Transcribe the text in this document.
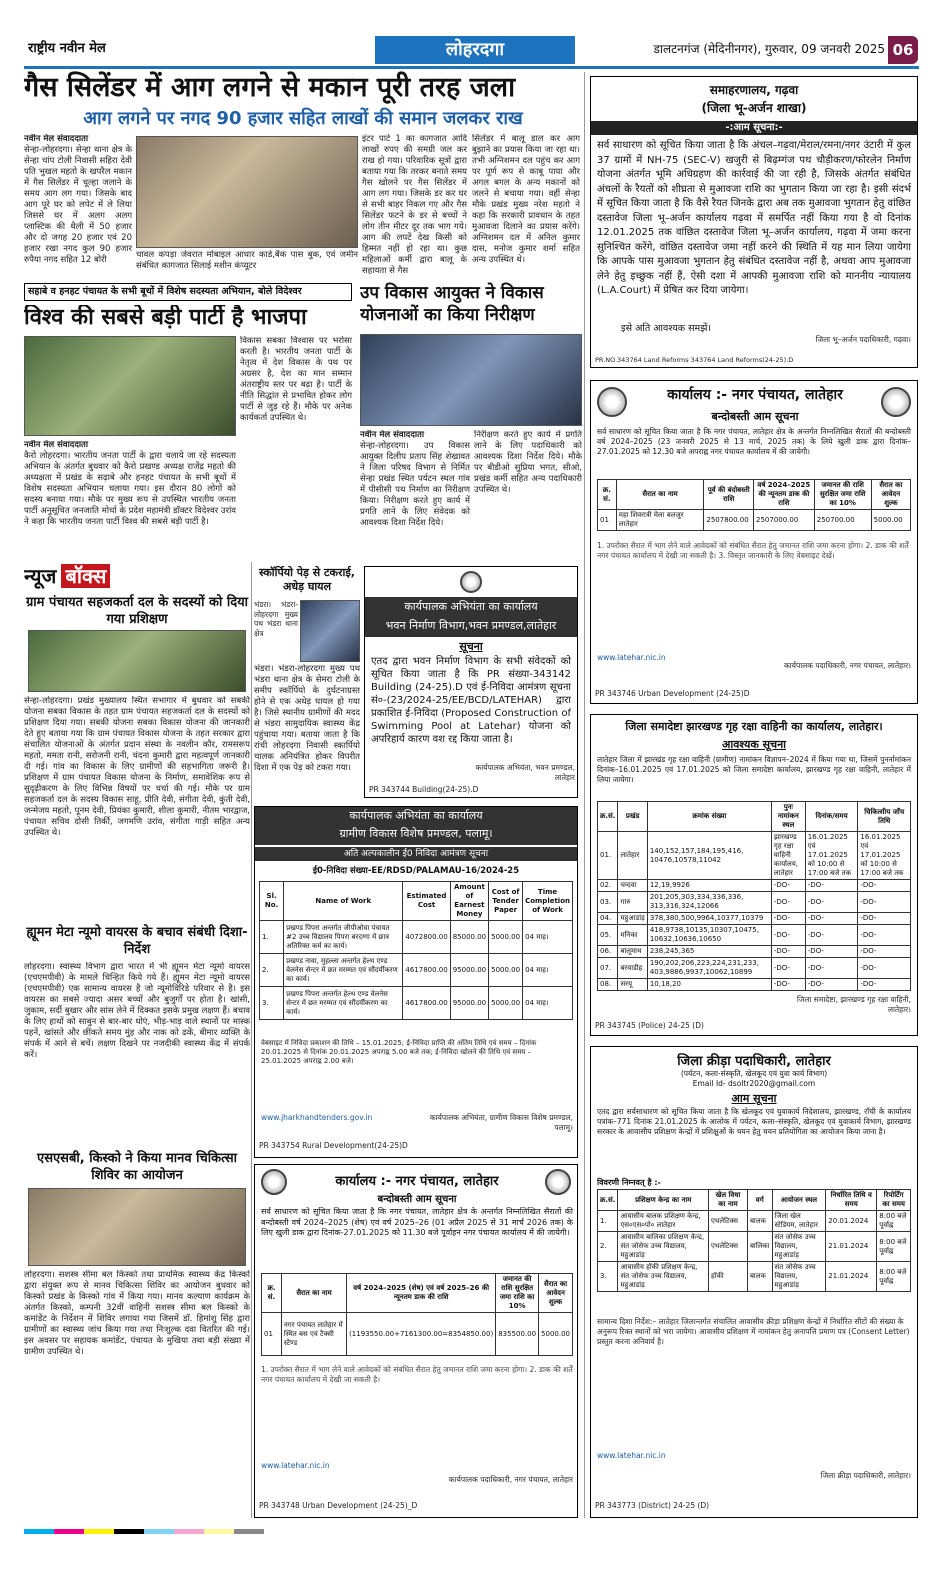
राष्ट्रीय नवीन मेल	लोहरदगा	डालटनगंज (मेदिनीनगर), गुरुवार, 09 जनवरी 2025 06
गैस सिलेंडर में आग लगने से मकान पूरी तरह जला
आग लगने पर नगद 90 हजार सहित लाखों की समान जलकर राख
नवीन मेल संवाददाता
सेन्हा-लोहरदगा। सेन्हा थाना क्षेत्र के सेन्हा चांप टोली निवासी सहिरा देवी पति भुखल महतो के खपरैल मकान में गैस सिलेंडर में चूल्हा जलाने के समय आग लग गया। जिसके बाद आग पूरे घर को लपेट में ले लिया जिससे घर में अलग अलग प्लास्टिक की थैली में 50 हजार और दो जगह 20 हजार एवं 20 हजार रखा नगद कुल 90 हजार रुपैया नगद सहित 12 बोरी	चावल कपड़ा जेवरात मोबाइल आधार कार्ड,बैंक पास बुक, एवं जमीन संबंधित कागजात सिलाई मशीन कंप्यूटर
इंटर पार्ट 1 का कागजात आदि लाखों रुपए की समग्री जल कर राख हो गया। परिवारिक सूत्रों द्वारा बताया गया कि तरकर बनाते समय गैस खोलने पर गैस सिलेंडर में आग लग गया। जिसके डर कर घर से सभी बाहर निकल गए और गैस सिलेंडर फटने के डर से बच्चों ने लोग तीन मीटर दूर तक भाग गये। आग की लपटें देख किसी को हिम्मत नहीं हो रहा था। कुछ महिलाओं कर्मी द्वारा बालू के सहायता से गैस
सिलेंडर में बालू डाल कर आग बुझाने का प्रयास किया जा रहा था। तभी अग्निशमन दल पहुंच कर आग पर पूर्ण रूप से काबू पाया और अगल बगल के अन्य मकानों को जलने से बचाया गया। वहीं सेन्हा मौके प्रखंड मुख्य नरेश महतो ने कहा कि सरकारी प्रावधान के तहत मुआवजा दिलाने का प्रयास करेंगे। अग्निशमन दल में अनिल कुमार दास, मनोज कुमार शर्मा सहित अन्य उपस्थित थे।
सहाबे व हनहट पंचायत के सभी बूथों में विशेष सदस्यता अभियान, बोले विदेश्वर
विश्व की सबसे बड़ी पार्टी है भाजपा
नवीन मेल संवाददाता
कैरो लोहरदगा। भारतीय जनता पार्टी के द्वारा चलाये जा रहे सदस्यता अभियान के अंतर्गत बुधवार को कैरो प्रखण्ड अध्यक्ष राजेंद्र महतो की अध्यक्षता में प्रखंड के सढ़ाबे और हनहट पंचायत के सभी बूथों में विशेष सदस्यता अभियान चलाया गया। इस दौरान 80 लोगों को सदस्य बनाया गया। मौके पर मुख्य रूप से उपस्थित भारतीय जनता पार्टी अनुसूचित जनजाति मोर्चा के प्रदेश महामंत्री डॉक्टर विदेश्वर उरांव ने कहा कि भारतीय जनता पार्टी विश्व की सबसे बड़ी पार्टी है।
विकास सबका विश्वास पर भरोसा करती है। भारतीय जनता पार्टी के नेतृत्व में देश विकास के पथ पर अग्रसर है, देश का मान सम्मान अंतराष्ट्रीय स्तर पर बढ़ा है। पार्टी के नीति सिद्धांत से प्रभावित होकर लोग पार्टी से जुड़ रहे हैं। मौके पर अनेक कार्यकर्ता उपस्थित थे।
उप विकास आयुक्त ने विकास योजनाओं का किया निरीक्षण
नवीन मेल संवाददाता
सेन्हा-लोहरदगा। उप विकास आयुक्त दिलीप प्रताप सिंह शेखावत ने जिला परिषद विभाग से निर्मित सेन्हा प्रखंड स्थित पर्यटन स्थल गांव में पीसीसी पथ निर्माण का निरीक्षण किया। निरीक्षण करते हुए कार्य में प्रगति लाने के लिए संवेदक को आवश्यक दिशा निर्देश दिये।
निरीक्षण करते हुए कार्य में प्रगति लाने के लिए पदाधिकारी को आवश्यक दिशा निर्देश दिये। मौके पर बीडीओ सुप्रिया भगत, सीओ, प्रखंड कर्मी सहित अन्य पदाधिकारी उपस्थित थे।
न्यूज बॉक्स
ग्राम पंचायत सहजकर्ता दल के सदस्यों को दिया गया प्रशिक्षण
सेन्हा-लोहरदगा। प्रखंड मुख्यालय स्थित सभागार में बुधवार को सबकी योजना सबका विकास के तहत ग्राम पंचायत सहजकर्ता दल के सदस्यों को प्रशिक्षण दिया गया। सबकी योजना सबका विकास योजना की जानकारी देते हुए बताया गया कि ग्राम पंचायत विकास योजना के तहत सरकार द्वारा संचालित योजनाओं के अंतर्गत प्रदान संस्था के नवलीन कौर, रामसरूप महतो, ममता रानी, सरोजनी रानी, चंदना कुमारी द्वारा महत्वपूर्ण जानकारी दी गई। गांव का विकास के लिए ग्रामीणों की सहभागिता जरूरी है। प्रशिक्षण में ग्राम पंचायत विकास योजना के निर्माण, समावेशिक रूप से सुदृढ़ीकरण के लिए विभिन्न विषयों पर चर्चा की गई। मौके पर ग्राम सहजकर्ता दल के सदस्य विकास साहू, प्रीति देवी, संगीता देवी, कुंती देवी, जन्मेजय महतो, पूनम देवी, प्रियंका कुमारी, शीला कुमारी, नीतम भारद्वाज, पंचायत सचिव दोसी तिर्की, जगमणि उरांव, संगीता गाड़ी सहित अन्य उपस्थित थे।
ह्यूमन मेटा न्यूमो वायरस के बचाव संबंधी दिशा-निर्देश
लोहरदगा। स्वास्थ्य विभाग द्वारा भारत में भी ह्यूमन मेटा न्यूमो वायरस (एचएमपीवी) के मामले चिन्हित किये गये हैं। ह्यूमन मेटा न्यूमो वायरस (एचएमपीवी) एक सामान्य वायरस है जो न्यूमोविरिडे परिवार से है। इस वायरस का सबसे ज्यादा असर बच्चों और बुजुर्गों पर होता है। खांसी, जुकाम, सर्दी बुखार और सांस लेने में दिक्कत इसके प्रमुख लक्षण हैं। बचाव के लिए हाथों को साबुन से बार-बार धोएं, भीड़-भाड़ वाले स्थानों पर मास्क पहनें, खांसते और छींकते समय मुंह और नाक को ढकें, बीमार व्यक्ति के संपर्क में आने से बचें। लक्षण दिखने पर नजदीकी स्वास्थ्य केंद्र में संपर्क करें।
एसएसबी, किस्को ने किया मानव चिकित्सा शिविर का आयोजन
लोहरदगा। सशस्त्र सीमा बल किस्को तथा प्राथमिक स्वास्थ्य केंद्र किस्को द्वारा संयुक्त रूप से मानव चिकित्सा शिविर का आयोजन बुधवार को किस्को प्रखंड के किस्को गांव में किया गया। मानव कल्याण कार्यक्रम के अंतर्गत किस्को, कम्पनी 32वीं वाहिनी सशस्त्र सीमा बल किस्को के कमांडेंट के निर्देशन में शिविर लगाया गया जिसमें डॉ. हिमांशु सिंह द्वारा ग्रामीणों का स्वास्थ्य जांच किया गया तथा निःशुल्क दवा वितरित की गई। इस अवसर पर सहायक कमांडेंट, पंचायत के मुखिया तथा बड़ी संख्या में ग्रामीण उपस्थित थे।
स्कॉर्पियो पेड़ से टकराई, अधेड़ घायल
भंडरा। भंडरा-लोहरदगा मुख्य पथ भंडरा थाना क्षेत्र
भंडरा। भंडरा-लोहरदगा मुख्य पथ भंडरा थाना क्षेत्र के सेमरा टोली के समीप स्कॉर्पियो के दुर्घटनाग्रस्त होने से एक अधेड़ घायल हो गया है। जिसे स्थानीय ग्रामीणों की मदद से भंडरा सामुदायिक स्वास्थ्य केंद्र पहुंचाया गया। बताया जाता है कि रांची लोहरदगा निवासी स्कार्पियो चालक अनियंत्रित होकर विपरीत दिशा में एक पेड़ को टकरा गया।
कार्यपालक अभियंता का कार्यालय
भवन निर्माण विभाग,भवन प्रमण्डल,लातेहार
सूचना
एतद द्वारा भवन निर्माण विभाग के सभी संवेदकों को सूचित किया जाता है कि PR संख्या-343142 Building (24-25).D एवं ई-निविदा आमंत्रण सूचना सं०-(23/2024-25/EE/BCD/LATEHAR) द्वारा प्रकाशित ई-निविदा (Proposed Construction of Swimming Pool at Latehar) योजना को अपरिहार्य कारण वश रद्द किया जाता है।
कार्यपालक अभियंता, भवन प्रमण्डल, लातेहार
PR 343744 Building(24-25).D
कार्यपालक अभियंता का कार्यालय
ग्रामीण विकास विशेष प्रमण्डल, पलामू।
अति अल्पकालीन ई0 निविदा आमंत्रण सूचना
ई0-निविदा संख्या-EE/RDSD/PALAMAU-16/2024-25
Sl. No.	Name of Work	Estimated Cost	Amount of Earnest Money	Cost of Tender Paper	Time Completion of Work
1.	प्रखण्ड पिपरा अन्तर्गत जीपीओवा पंचायत #2 उच्च विद्यालय पिपरा बरदग्गा में छात्र अतिरिक्त कर्म का कार्य।	4072800.00	85000.00	5000.00	04 माह।
2.	प्रखण्ड नावा, मुहल्ला अन्तर्गत हेल्थ एण्ड वेलनेस सेन्टर में छत मरम्मत एवं सौंदर्यीकरण का कार्य।	4617800.00	95000.00	5000.00	04 माह।
3.	प्रखण्ड पिपरा अन्तर्गत हेल्थ एण्ड वेलनेस सेन्टर में छत मरम्मत एवं सौंदर्यीकरण का कार्य।	4617800.00	95000.00	5000.00	04 माह।
वेबसाइट में निविदा प्रकाशन की तिथि – 15.01.2025; ई-निविदा प्राप्ति की अंतिम तिथि एवं समय – दिनांक 20.01.2025 से दिनांक 20.01.2025 अपराह्न 5.00 बजे तक; ई-निविदा खोलने की तिथि एवं समय – 25.01.2025 अपराह्न 2.00 बजे।
www.jharkhandtenders.gov.in	कार्यपालक अभियंता, ग्रामीण विकास विशेष प्रमण्डल, पलामू।
PR 343754 Rural Development(24-25)D
कार्यालय :- नगर पंचायत, लातेहार
बन्दोबस्ती आम सूचना
सर्व साधारण को सूचित किया जाता है कि नगर पंचायत, लातेहार क्षेत्र के अन्तर्गत निम्नलिखित सैरातों की बन्दोबस्ती वर्ष 2024–2025 (शेष) एवं वर्ष 2025–26 (01 अप्रैल 2025 से 31 मार्च 2026 तक) के लिए खुली डाक द्वारा दिनांक-27.01.2025 को 11.30 बजे पूर्वाहन नगर पंचायत कार्यालय में की जायेगी।
क्र. सं.	सैरात का नाम	वर्ष 2024–2025 (शेष) एवं वर्ष 2025–26 की न्यूनतम डाक की राशि	जमानत की राशि सुरक्षित जमा राशि का 10%	सैरात का आवेदन शुल्क
01	नगर पंचायत लातेहार में स्थित बस एवं टैक्सी स्टैण्ड	(1193550.00+7161300.00=8354850.00)	835500.00	5000.00
1. उपरोक्त सैरात में भाग लेने वाले आवेदकों को संबंधित सैरात हेतु जमानत राशि जमा करना होगा। 2. डाक की शर्तें नगर पंचायत कार्यालय में देखी जा सकती है।
www.latehar.nic.in
कार्यपालक पदाधिकारी, नगर पंचायत, लातेहार
PR 343748 Urban Development (24-25)_D
समाहरणालय, गढ़वा
(जिला भू-अर्जन शाखा)
-:आम सूचना:-
सर्व साधारण को सूचित किया जाता है कि अंचल–गढ़वा/मेराल/रमना/नगर उंटारी में कुल 37 ग्रामों में NH-75 (SEC-V) खजुरी से बिढ़म्गंज पथ चौड़ीकरण/फोरलेन निर्माण योजना अंतर्गत भूमि अधिग्रहण की कार्रवाई की जा रही है, जिसके अंतर्गत संबंधित अंचलों के रैयतों को शीघ्रता से मुआवजा राशि का भुगतान किया जा रहा है। इसी संदर्भ में सूचित किया जाता है कि वैसे रैयत जिनके द्वारा अब तक मुआवजा भुगतान हेतु वांछित दस्तावेज जिला भू–अर्जन कार्यालय गढ़वा में समर्पित नहीं किया गया है वो दिनांक 12.01.2025 तक वांछित दस्तावेज जिला भू–अर्जन कार्यालय, गढ़वा में जमा करना सुनिश्चित करेंगे, वांछित दस्तावेज जमा नहीं करने की स्थिति में यह मान लिया जायेगा कि आपके पास मुआवजा भुगतान हेतु संबंधित दस्तावेज नहीं है, अथवा आप मुआवजा लेने हेतु इच्छुक नहीं हैं, ऐसी दशा में आपकी मुआवजा राशि को माननीय न्यायालय (L.A.Court) में प्रेषित कर दिया जायेगा।
इसे अति आवश्यक समझें।
जिला भू–अर्जन पदाधिकारी, गढ़वा।
PR.NO.343764 Land Reforms 343764 Land Reforms(24-25).D
कार्यालय :- नगर पंचायत, लातेहार
बन्दोबस्ती आम सूचना
सर्व साधारण को सूचित किया जाता है कि नगर पंचायत, लातेहार क्षेत्र के अन्तर्गत निम्नलिखित सैरातों की बन्दोबस्ती वर्ष 2024–2025 (23 जनवरी 2025 से 13 मार्च, 2025 तक) के लिये खुली डाक द्वारा दिनांक–27.01.2025 को 12.30 बजे अपराह्न नगर पंचायत कार्यालय में की जायेगी।
क्र. सं.	सैरात का नाम	पूर्व की बंदोबस्ती राशि	वर्ष 2024–2025 की न्यूनतम डाक की राशि	जमानत की राशि सुरक्षित जमा राशि का 10%	सैरात का आवेदन शुल्क
01	महा शिवरात्री मेला बलजुर लातेहार	2507800.00	2507000.00	250700.00	5000.00
1. उपरोक्त सैरात में भाग लेने वाले आवेदकों को संबंधित सैरात हेतु जमानत राशि जमा करना होगा। 2. डाक की शर्तें नगर पंचायत कार्यालय में देखी जा सकती है। 3. विस्तृत जानकारी के लिए वेबसाइट देखें।
www.latehar.nic.in
कार्यपालक पदाधिकारी, नगर पंचायत, लातेहार।
PR 343746 Urban Development (24-25)D
जिला समादेष्टा झारखण्ड गृह रक्षा वाहिनी का कार्यालय, लातेहार।
आवश्यक सूचना
लातेहार जिला में झारखंड गृह रक्षा वाहिनी (ग्रामीण) नामांकन विज्ञापन–2024 में किया गया था, जिसमें पुनर्नामांकन दिनांक–16.01.2025 एवं 17.01.2025 को जिला समादेष्टा कार्यालय, झारखण्ड गृह रक्षा वाहिनी, लातेहार में लिया जायेगा।
क्र.सं.	प्रखंड	क्रमांक संख्या	पुनः नामांकन स्थल	दिनांक/समय	चिकित्सीय जाँच तिथि
01.	लातेहार	140,152,157,184,195,416, 10476,10578,11042	झारखण्ड गृह रक्षा वाहिनी कार्यालय, लातेहार	16.01.2025 एवं 17.01.2025 को 10:00 से 17:00 बजे तक	16.01.2025 एवं 17.01.2025 को 10:00 से 17:00 बजे तक
02.	चन्दवा	12,19,9926	-DO-	-DO-	-DO-
03.	गारु	201,205,303,334,336,336, 313,316,324,12066	-DO-	-DO-	-DO-
04.	महुआडांड़	378,380,500,9964,10377,10379	-DO-	-DO-	-DO-
05.	मनिका	418,9738,10135,10307,10475, 10632,10636,10650	-DO-	-DO-	-DO-
06.	बालूमाथ	238,245,365	-DO-	-DO-	-DO-
07.	बरवाडीह	190,202,206,223,224,231,233, 403,9886,9937,10062,10899	-DO-	-DO-	-DO-
08.	सरयू	10,18,20	-DO-	-DO-	-DO-
जिला समादेष्टा, झारखण्ड गृह रक्षा वाहिनी, लातेहार।
PR 343745 (Police) 24-25 (D)
जिला क्रीड़ा पदाधिकारी, लातेहार
(पर्यटन, कला-संस्कृति, खेलकूद एवं युवा कार्य विभाग)
Email Id- dsoltr2020@gmail.com
आम सूचना
एतद द्वारा सर्वसाधारण को सूचित किया जाता है कि खेलकूद एवं युवाकार्य निदेशालय, झारखण्ड, राँची के कार्यालय पत्रांक–771 दिनांक 21.01.2025 के आलोक में पर्यटन, कला–संस्कृति, खेलकूद एवं युवाकार्य विभाग, झारखण्ड सरकार के आवासीय प्रशिक्षण केन्द्रों में प्रशिक्षुओं के चयन हेतु चयन प्रतियोगिता का आयोजन किया जाना है।
विवरणी निम्नवत् है :-
क्र.सं.	प्रशिक्षण केन्द्र का नाम	खेल विधा का नाम	वर्ग	आयोजन स्थल	निर्धारित तिथि व समय	रिपोर्टिंग का समय
1.	आवासीय बालक प्रशिक्षण केन्द्र, एस०एस०पो० लातेहार	एथलेटिक्स	बालक	जिला खेल स्टेडियम, लातेहार	20.01.2024	8:00 बजे पूर्वाह्न
2.	आवासीय बालिका प्रशिक्षण केन्द्र, संत जोसेफ उच्च विद्यालय, महुआडांड़	एथलेटिक्स	बालिका	संत जोसेफ उच्च विद्यालय, महुआडांड़	21.01.2024	8:00 बजे पूर्वाह्न
3.	आवासीय हॉकी प्रशिक्षण केन्द्र, संत जोसेफ उच्च विद्यालय, महुआडांड़	हॉकी	बालक	संत जोसेफ उच्च विद्यालय, महुआडांड़	21.01.2024	8:00 बजे पूर्वाह्न
सामान्य दिशा निर्देश:– लातेहार जिलान्तर्गत संचालित आवासीय क्रीड़ा प्रशिक्षण केन्द्रों में निर्धारित सीटों की संख्या के अनुरूप रिक्त स्थानों को भरा जायेगा। आवासीय प्रशिक्षण में नामांकन हेतु अनापत्ति प्रमाण पत्र (Consent Letter) प्रस्तुत करना अनिवार्य है।
www.latehar.nic.in
जिला क्रीड़ा पदाधिकारी, लातेहार।
PR 343773 (District) 24-25 (D)
